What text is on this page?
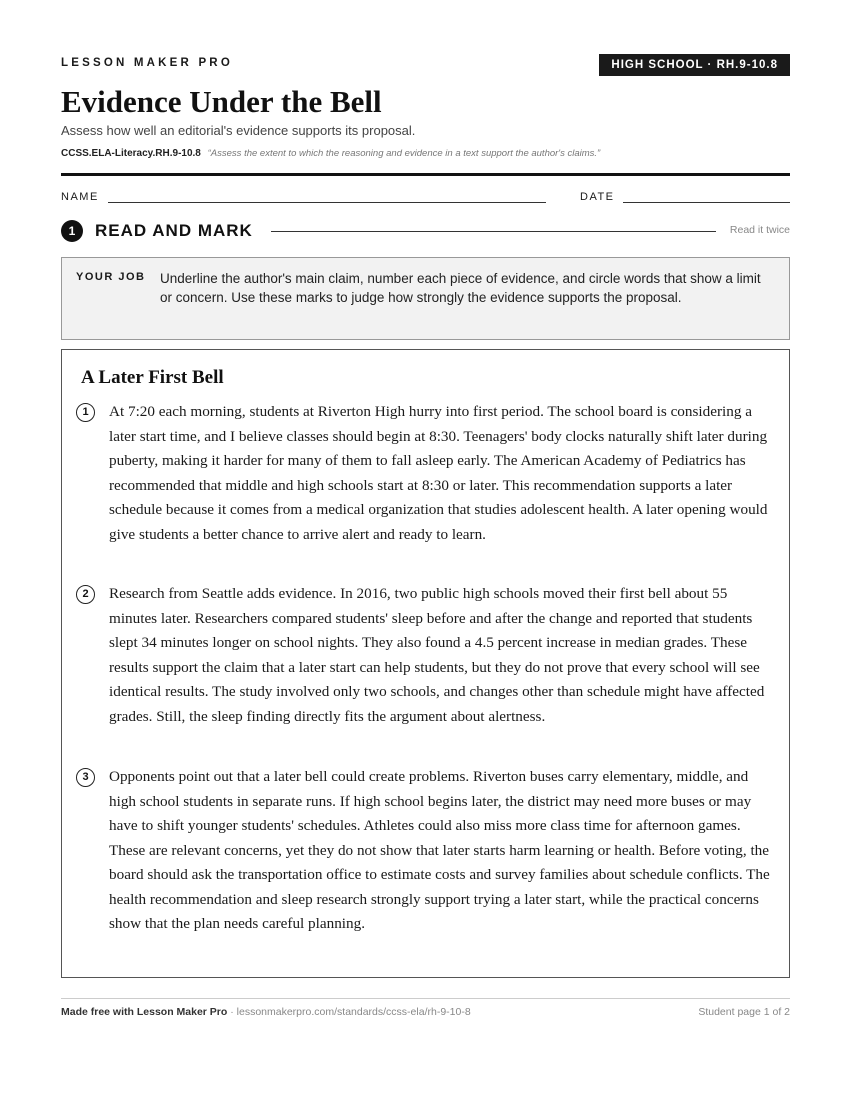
LESSON MAKER PRO	HIGH SCHOOL · RH.9-10.8
Evidence Under the Bell
Assess how well an editorial's evidence supports its proposal.
CCSS.ELA-Literacy.RH.9-10.8 “Assess the extent to which the reasoning and evidence in a text support the author's claims.”
NAME	DATE
1	READ AND MARK	Read it twice
YOUR JOB Underline the author's main claim, number each piece of evidence, and circle words that show a limit or concern. Use these marks to judge how strongly the evidence supports the proposal.
A Later First Bell
1	At 7:20 each morning, students at Riverton High hurry into first period. The school board is considering a later start time, and I believe classes should begin at 8:30. Teenagers' body clocks naturally shift later during puberty, making it harder for many of them to fall asleep early. The American Academy of Pediatrics has recommended that middle and high schools start at 8:30 or later. This recommendation supports a later schedule because it comes from a medical organization that studies adolescent health. A later opening would give students a better chance to arrive alert and ready to learn.

2	Research from Seattle adds evidence. In 2016, two public high schools moved their first bell about 55 minutes later. Researchers compared students' sleep before and after the change and reported that students slept 34 minutes longer on school nights. They also found a 4.5 percent increase in median grades. These results support the claim that a later start can help students, but they do not prove that every school will see identical results. The study involved only two schools, and changes other than schedule might have affected grades. Still, the sleep finding directly fits the argument about alertness.

3	Opponents point out that a later bell could create problems. Riverton buses carry elementary, middle, and high school students in separate runs. If high school begins later, the district may need more buses or may have to shift younger students' schedules. Athletes could also miss more class time for afternoon games. These are relevant concerns, yet they do not show that later starts harm learning or health. Before voting, the board should ask the transportation office to estimate costs and survey families about schedule conflicts. The health recommendation and sleep research strongly support trying a later start, while the practical concerns show that the plan needs careful planning.

Made free with Lesson Maker Pro · lessonmakerpro.com/standards/ccss-ela/rh-9-10-8	Student page 1 of 2
